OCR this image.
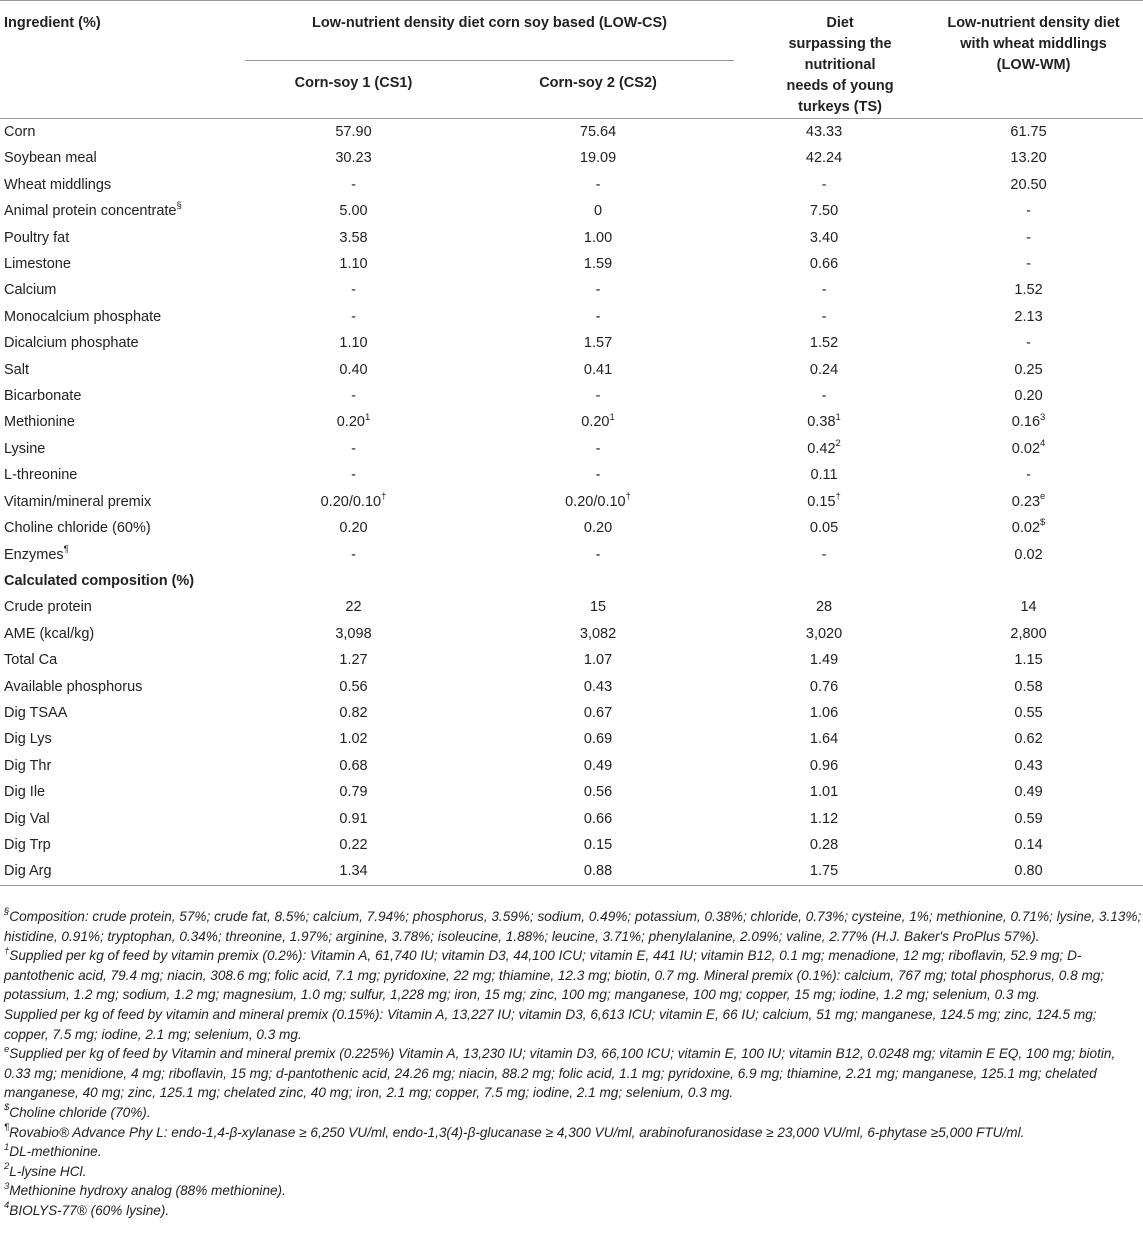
Ingredient (%)	Low-nutrient density diet corn soy based (LOW-CS)		Diet surpassing the nutritional needs of young turkeys (TS)	Low-nutrient density diet with wheat middlings (LOW-WM)
	Corn-soy 1 (CS1)	Corn-soy 2 (CS2)		
Corn	57.90	75.64	43.33	61.75
Soybean meal	30.23	19.09	42.24	13.20
Wheat middlings	-	-	-	20.50
Animal protein concentrate§	5.00	0	7.50	-
Poultry fat	3.58	1.00	3.40	-
Limestone	1.10	1.59	0.66	-
Calcium	-	-	-	1.52
Monocalcium phosphate	-	-	-	2.13
Dicalcium phosphate	1.10	1.57	1.52	-
Salt	0.40	0.41	0.24	0.25
Bicarbonate	-	-	-	0.20
Methionine	0.20$^1$	0.20$^1$	0.38$^1$	0.16$^3$
Lysine	-	-	0.42$^2$	0.02$^4$
L-threonine	-	-	0.11	-
Vitamin/mineral premix	0.20/0.10†	0.20/0.10†	0.15†	0.23e
Choline chloride (60%)	0.20	0.20	0.05	0.02$
Enzymes¶	-	-	-	0.02
Calculated composition (%)				
Crude protein	22	15	28	14
AME (kcal/kg)	3,098	3,082	3,020	2,800
Total Ca	1.27	1.07	1.49	1.15
Available phosphorus	0.56	0.43	0.76	0.58
Dig TSAA	0.82	0.67	1.06	0.55
Dig Lys	1.02	0.69	1.64	0.62
Dig Thr	0.68	0.49	0.96	0.43
Dig Ile	0.79	0.56	1.01	0.49
Dig Val	0.91	0.66	1.12	0.59
Dig Trp	0.22	0.15	0.28	0.14
Dig Arg	1.34	0.88	1.75	0.80

§Composition: crude protein, 57%; crude fat, 8.5%; calcium, 7.94%; phosphorus, 3.59%; sodium, 0.49%; potassium, 0.38%; chloride, 0.73%; cysteine, 1%; methionine, 0.71%; lysine, 3.13%; histidine, 0.91%; tryptophan, 0.34%; threonine, 1.97%; arginine, 3.78%; isoleucine, 1.88%; leucine, 3.71%; phenylalanine, 2.09%; valine, 2.77% (H.J. Baker's ProPlus 57%).

†Supplied per kg of feed by vitamin premix (0.2%): Vitamin A, 61,740 IU; vitamin D3, 44,100 ICU; vitamin E, 441 IU; vitamin B12, 0.1 mg; menadione, 12 mg; riboflavin, 52.9 mg; D-pantothenic acid, 79.4 mg; niacin, 308.6 mg; folic acid, 7.1 mg; pyridoxine, 22 mg; thiamine, 12.3 mg; biotin, 0.7 mg. Mineral premix (0.1%): calcium, 767 mg; total phosphorus, 0.8 mg; potassium, 1.2 mg; sodium, 1.2 mg; magnesium, 1.0 mg; sulfur, 1,228 mg; iron, 15 mg; zinc, 100 mg; manganese, 100 mg; copper, 15 mg; iodine, 1.2 mg; selenium, 0.3 mg.

Supplied per kg of feed by vitamin and mineral premix (0.15%): Vitamin A, 13,227 IU; vitamin D3, 6,613 ICU; vitamin E, 66 IU; calcium, 51 mg; manganese, 124.5 mg; zinc, 124.5 mg; copper, 7.5 mg; iodine, 2.1 mg; selenium, 0.3 mg.

$^e$Supplied per kg of feed by Vitamin and mineral premix (0.225%) Vitamin A, 13,230 IU; vitamin D3, 66,100 ICU; vitamin E, 100 IU; vitamin B12, 0.0248 mg; vitamin E EQ, 100 mg; biotin, 0.33 mg; menidione, 4 mg; riboflavin, 15 mg; d-pantothenic acid, 24.26 mg; niacin, 88.2 mg; folic acid, 1.1 mg; pyridoxine, 6.9 mg; thiamine, 2.21 mg; manganese, 125.1 mg; chelated manganese, 40 mg; zinc, 125.1 mg; chelated zinc, 40 mg; iron, 2.1 mg; copper, 7.5 mg; iodine, 2.1 mg; selenium, 0.3 mg.

$Choline chloride (70%).

¶Rovabio® Advance Phy L: endo-1,4-β-xylanase ≥ 6,250 VU/ml, endo-1,3(4)-β-glucanase ≥ 4,300 VU/ml, arabinofuranosidase ≥ 23,000 VU/ml, 6-phytase ≥5,000 FTU/ml.

$^1$DL-methionine.

$^2$L-lysine HCl.

$^3$Methionine hydroxy analog (88% methionine).

$^4$BIOLYS-77® (60% lysine).
